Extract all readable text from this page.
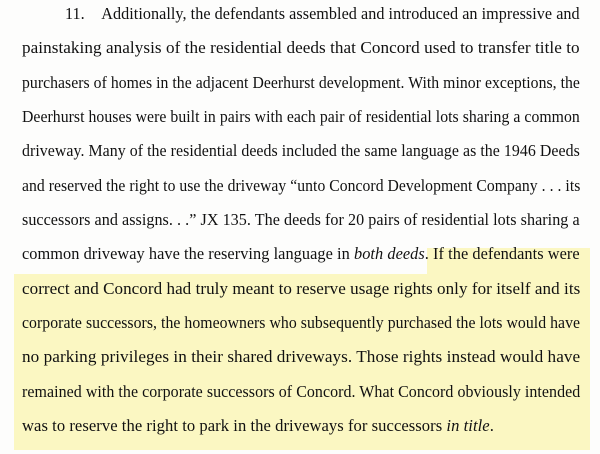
11. Additionally, the defendants assembled and introduced an impressive and
painstaking analysis of the residential deeds that Concord used to transfer title to
purchasers of homes in the adjacent Deerhurst development. With minor exceptions, the
Deerhurst houses were built in pairs with each pair of residential lots sharing a common
driveway. Many of the residential deeds included the same language as the 1946 Deeds
and reserved the right to use the driveway “unto Concord Development Company . . . its
successors and assigns. . .” JX 135. The deeds for 20 pairs of residential lots sharing a
common driveway have the reserving language in both deeds. If the defendants were
correct and Concord had truly meant to reserve usage rights only for itself and its
corporate successors, the homeowners who subsequently purchased the lots would have
no parking privileges in their shared driveways. Those rights instead would have
remained with the corporate successors of Concord. What Concord obviously intended
was to reserve the right to park in the driveways for successors in title.
